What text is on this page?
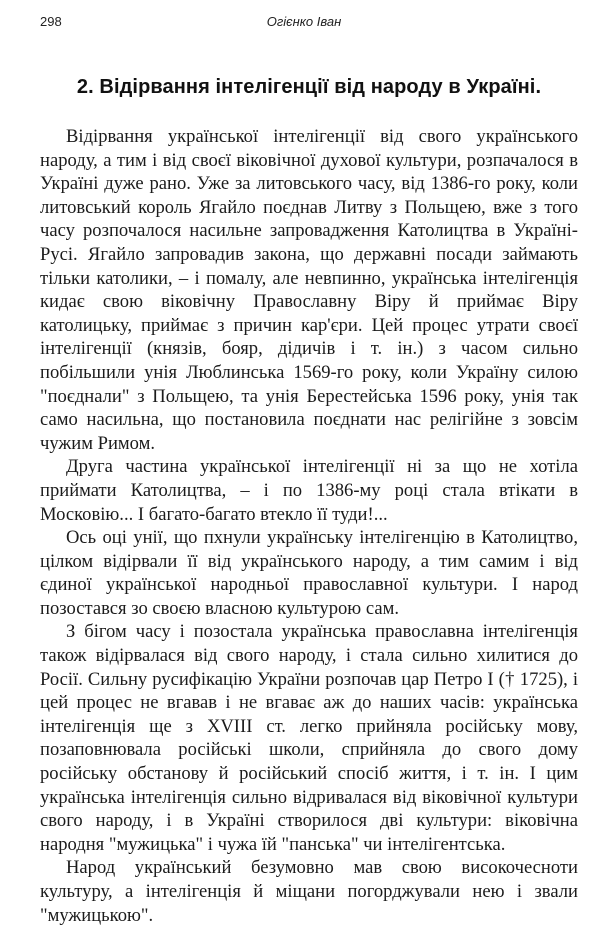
298	Огієнко Іван
2. Відірвання інтелігенції від народу в Україні.

Відірвання української інтелігенції від свого українського народу, а тим і від своєї віковічної духової культури, розпачалося в Україні дуже рано. Уже за литовського часу, від 1386-го року, коли литовський король Ягайло поєднав Литву з Польщею, вже з того часу розпочалося насильне запровадження Католицтва в Україні-Русі. Ягайло запровадив закона, що державні посади займають тільки католики, – і помалу, але невпинно, українська інтелігенція кидає свою віковічну Православну Віру й приймає Віру католицьку, приймає з причин кар'єри. Цей процес утрати своєї інтелігенції (князів, бояр, дідичів і т. ін.) з часом сильно побільшили унія Люблинська 1569-го року, коли Україну силою "поєднали" з Польщею, та унія Берестейська 1596 року, унія так само насильна, що постановила поєднати нас релігійне з зовсім чужим Римом.

Друга частина української інтелігенції ні за що не хотіла приймати Католицтва, – і по 1386-му році стала втікати в Московію... І багато-багато втекло її туди!...

Ось оці унії, що пхнули українську інтелігенцію в Католицтво, цілком відірвали її від українського народу, а тим самим і від єдиної української народньої православної культури. І народ позостався зо своєю власною культурою сам.

З бігом часу і позостала українська православна інтелігенція також відірвалася від свого народу, і стала сильно хилитися до Росії. Сильну русифікацію України розпочав цар Петро I († 1725), і цей процес не вгавав і не вгаває аж до наших часів: українська інтелігенція ще з XVIII ст. легко прийняла російську мову, позаповнювала російські школи, сприйняла до свого дому російську обстанову й російський спосіб життя, і т. ін. І цим українська інтелігенція сильно відривалася від віковічної культури свого народу, і в Україні створилося дві культури: віковічна народня "мужицька" і чужа їй "панська" чи інтелігентська.

Народ український безумовно мав свою високочесноти культуру, а інтелігенція й міщани погорджували нею і звали "мужицькою".
